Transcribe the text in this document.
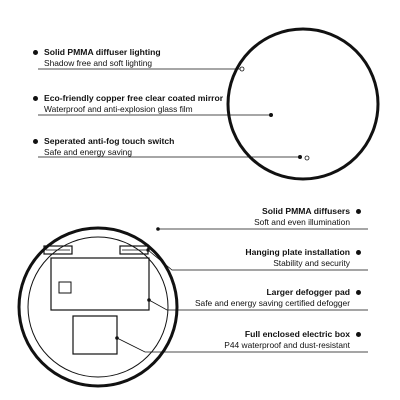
Solid PMMA diffuser lighting
Shadow free and soft lighting
Eco-friendly copper free clear coated mirror
Waterproof and anti-explosion glass film
Seperated anti-fog touch switch
Safe and energy saving
Solid PMMA diffusers
Soft and even illumination
Hanging plate installation
Stability and security
Larger defogger pad
Safe and energy saving certified defogger
Full enclosed electric box
P44 waterproof and dust-resistant
